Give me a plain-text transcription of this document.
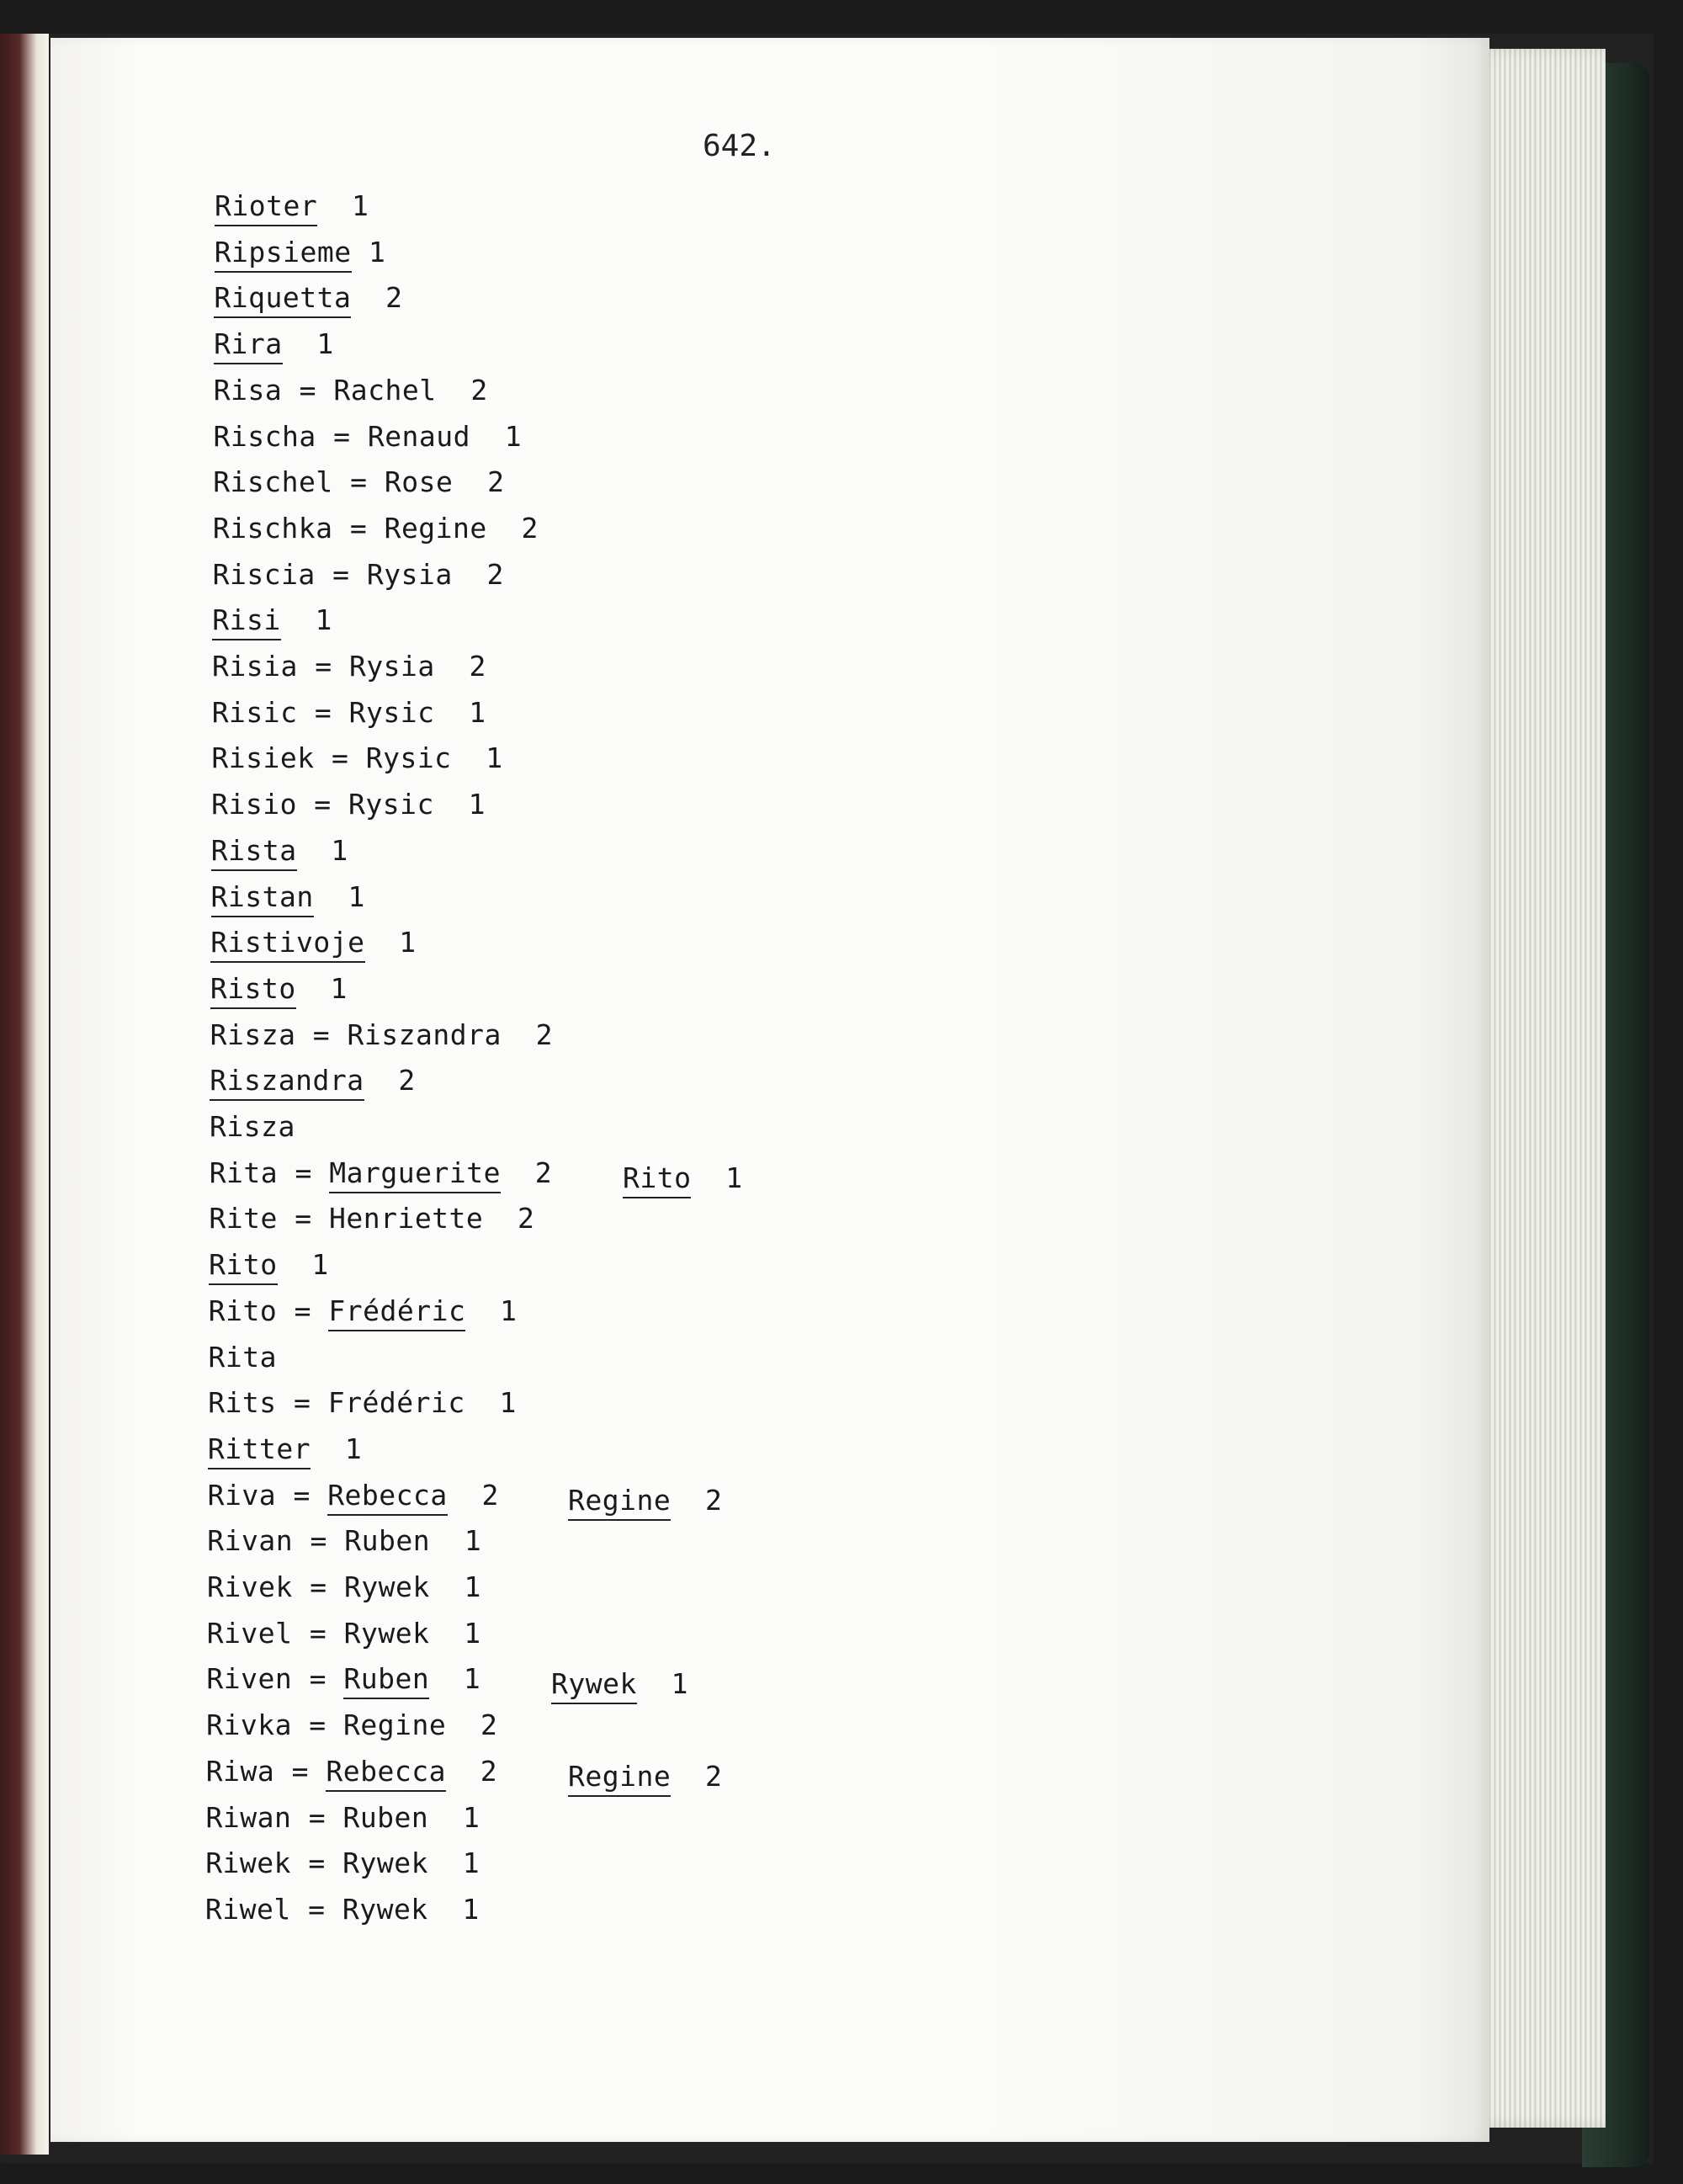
642.
Rioter  1
Ripsieme 1
Riquetta  2
Rira  1
Risa = Rachel  2
Rischa = Renaud  1
Rischel = Rose  2
Rischka = Regine  2
Riscia = Rysia  2
Risi  1
Risia = Rysia  2
Risic = Rysic  1
Risiek = Rysic  1
Risio = Rysic  1
Rista  1
Ristan  1
Ristivoje  1
Risto  1
Risza = Riszandra  2
Riszandra  2
Risza
Rita = Marguerite  2	Rito  1
Rite = Henriette  2
Rito  1
Rito = Frédéric  1
Rita
Rits = Frédéric  1
Ritter  1
Riva = Rebecca  2 Regine  2
Rivan = Ruben  1
Rivek = Rywek  1
Rivel = Rywek  1
Riven = Ruben  1	Rywek  1
Rivka = Regine  2
Riwa = Rebecca  2	Regine  2
Riwan = Ruben  1
Riwek = Rywek  1
Riwel = Rywek  1
